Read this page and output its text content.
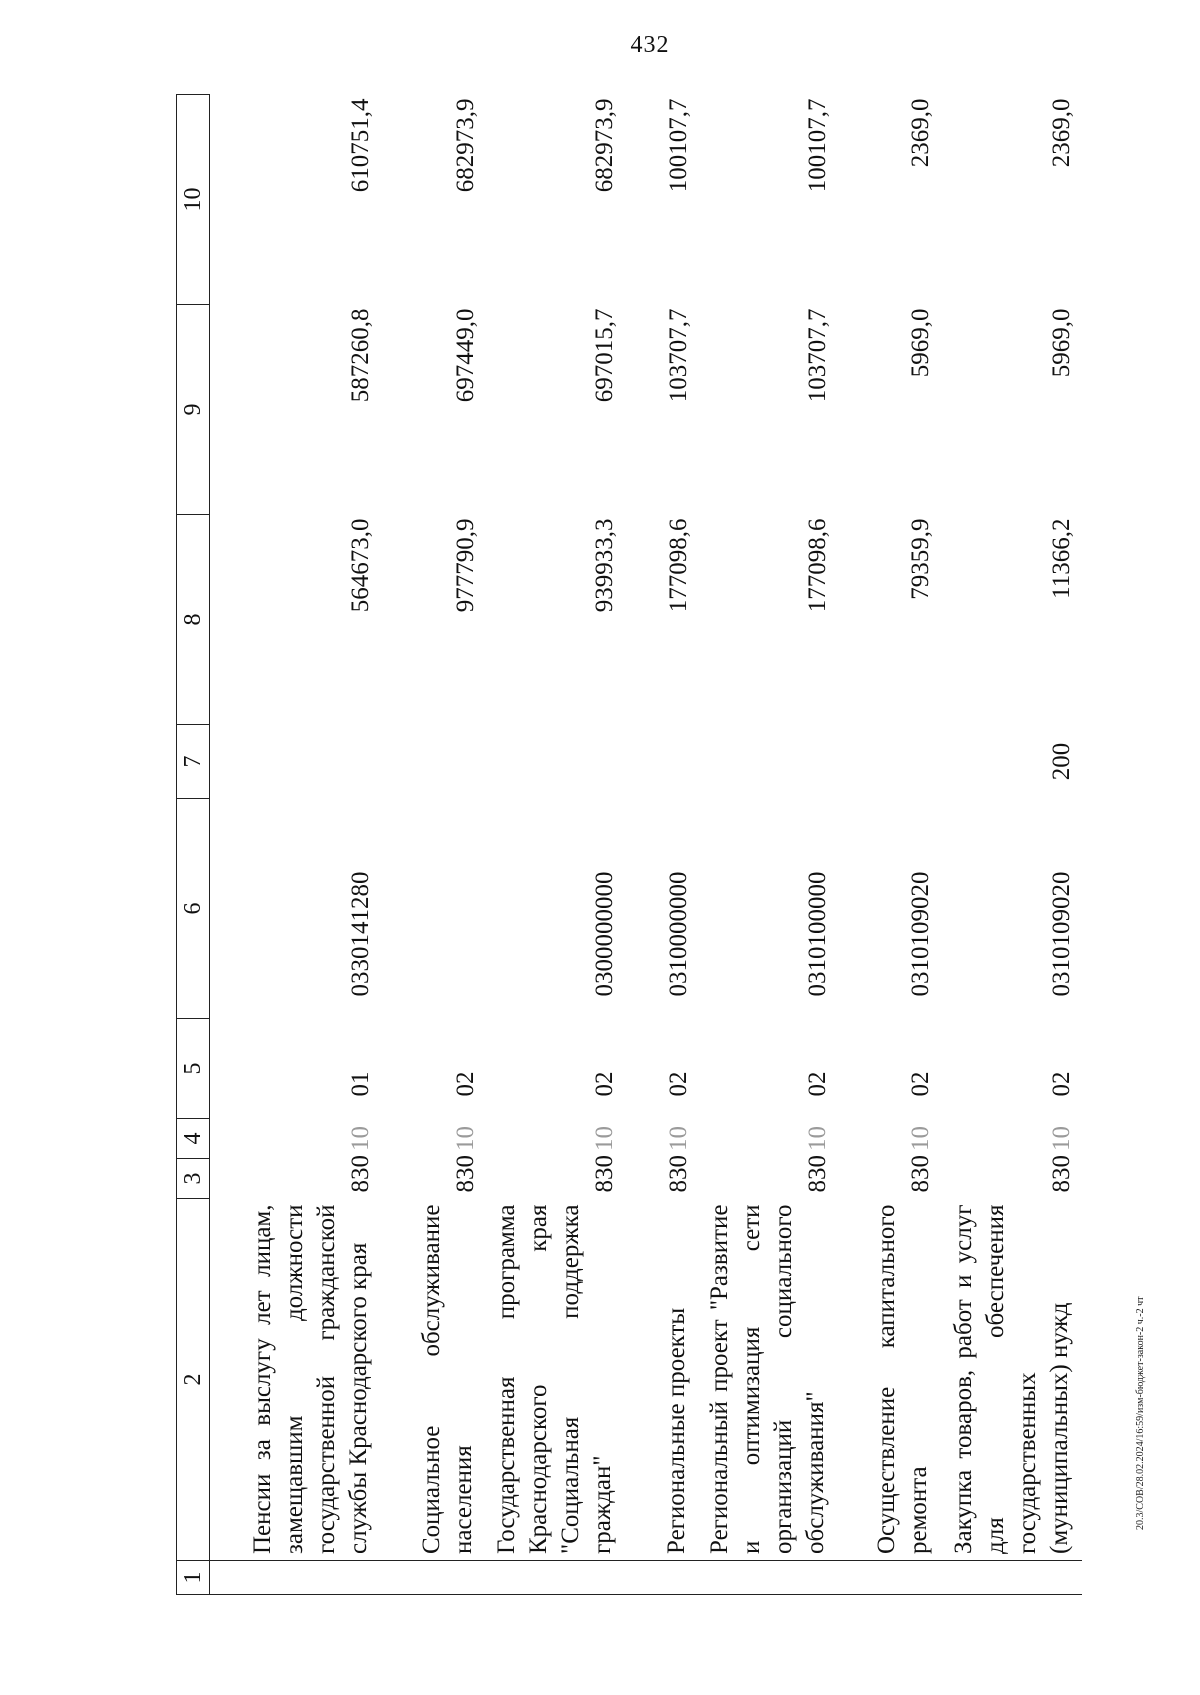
432
1	2	3	4	5	6	7	8	9	10
	Пенсии за выслугу лет лицам, замещавшим должности государственной гражданской службы Краснодарского края	830	10	01	0330141280		564673,0	587260,8	610751,4
	Социальное обслуживание населения	830	10	02			977790,9	697449,0	682973,9
	Государственная программа Краснодарского края "Социальная поддержка граждан"	830	10	02	0300000000		939933,3	697015,7	682973,9
	Региональные проекты	830	10	02	0310000000		177098,6	103707,7	100107,7
	Региональный проект "Развитие и оптимизация сети организаций социального обслуживания"	830	10	02	0310100000		177098,6	103707,7	100107,7
	Осуществление капитального ремонта	830	10	02	0310109020		79359,9	5969,0	2369,0
	Закупка товаров, работ и услуг для обеспечения государственных (муниципальных) нужд	830	10	02	0310109020	200	11366,2	5969,0	2369,0
20.3/СОВ/28.02.2024/16:59/изм-бюджет-закон-2 ч.-2 чт
